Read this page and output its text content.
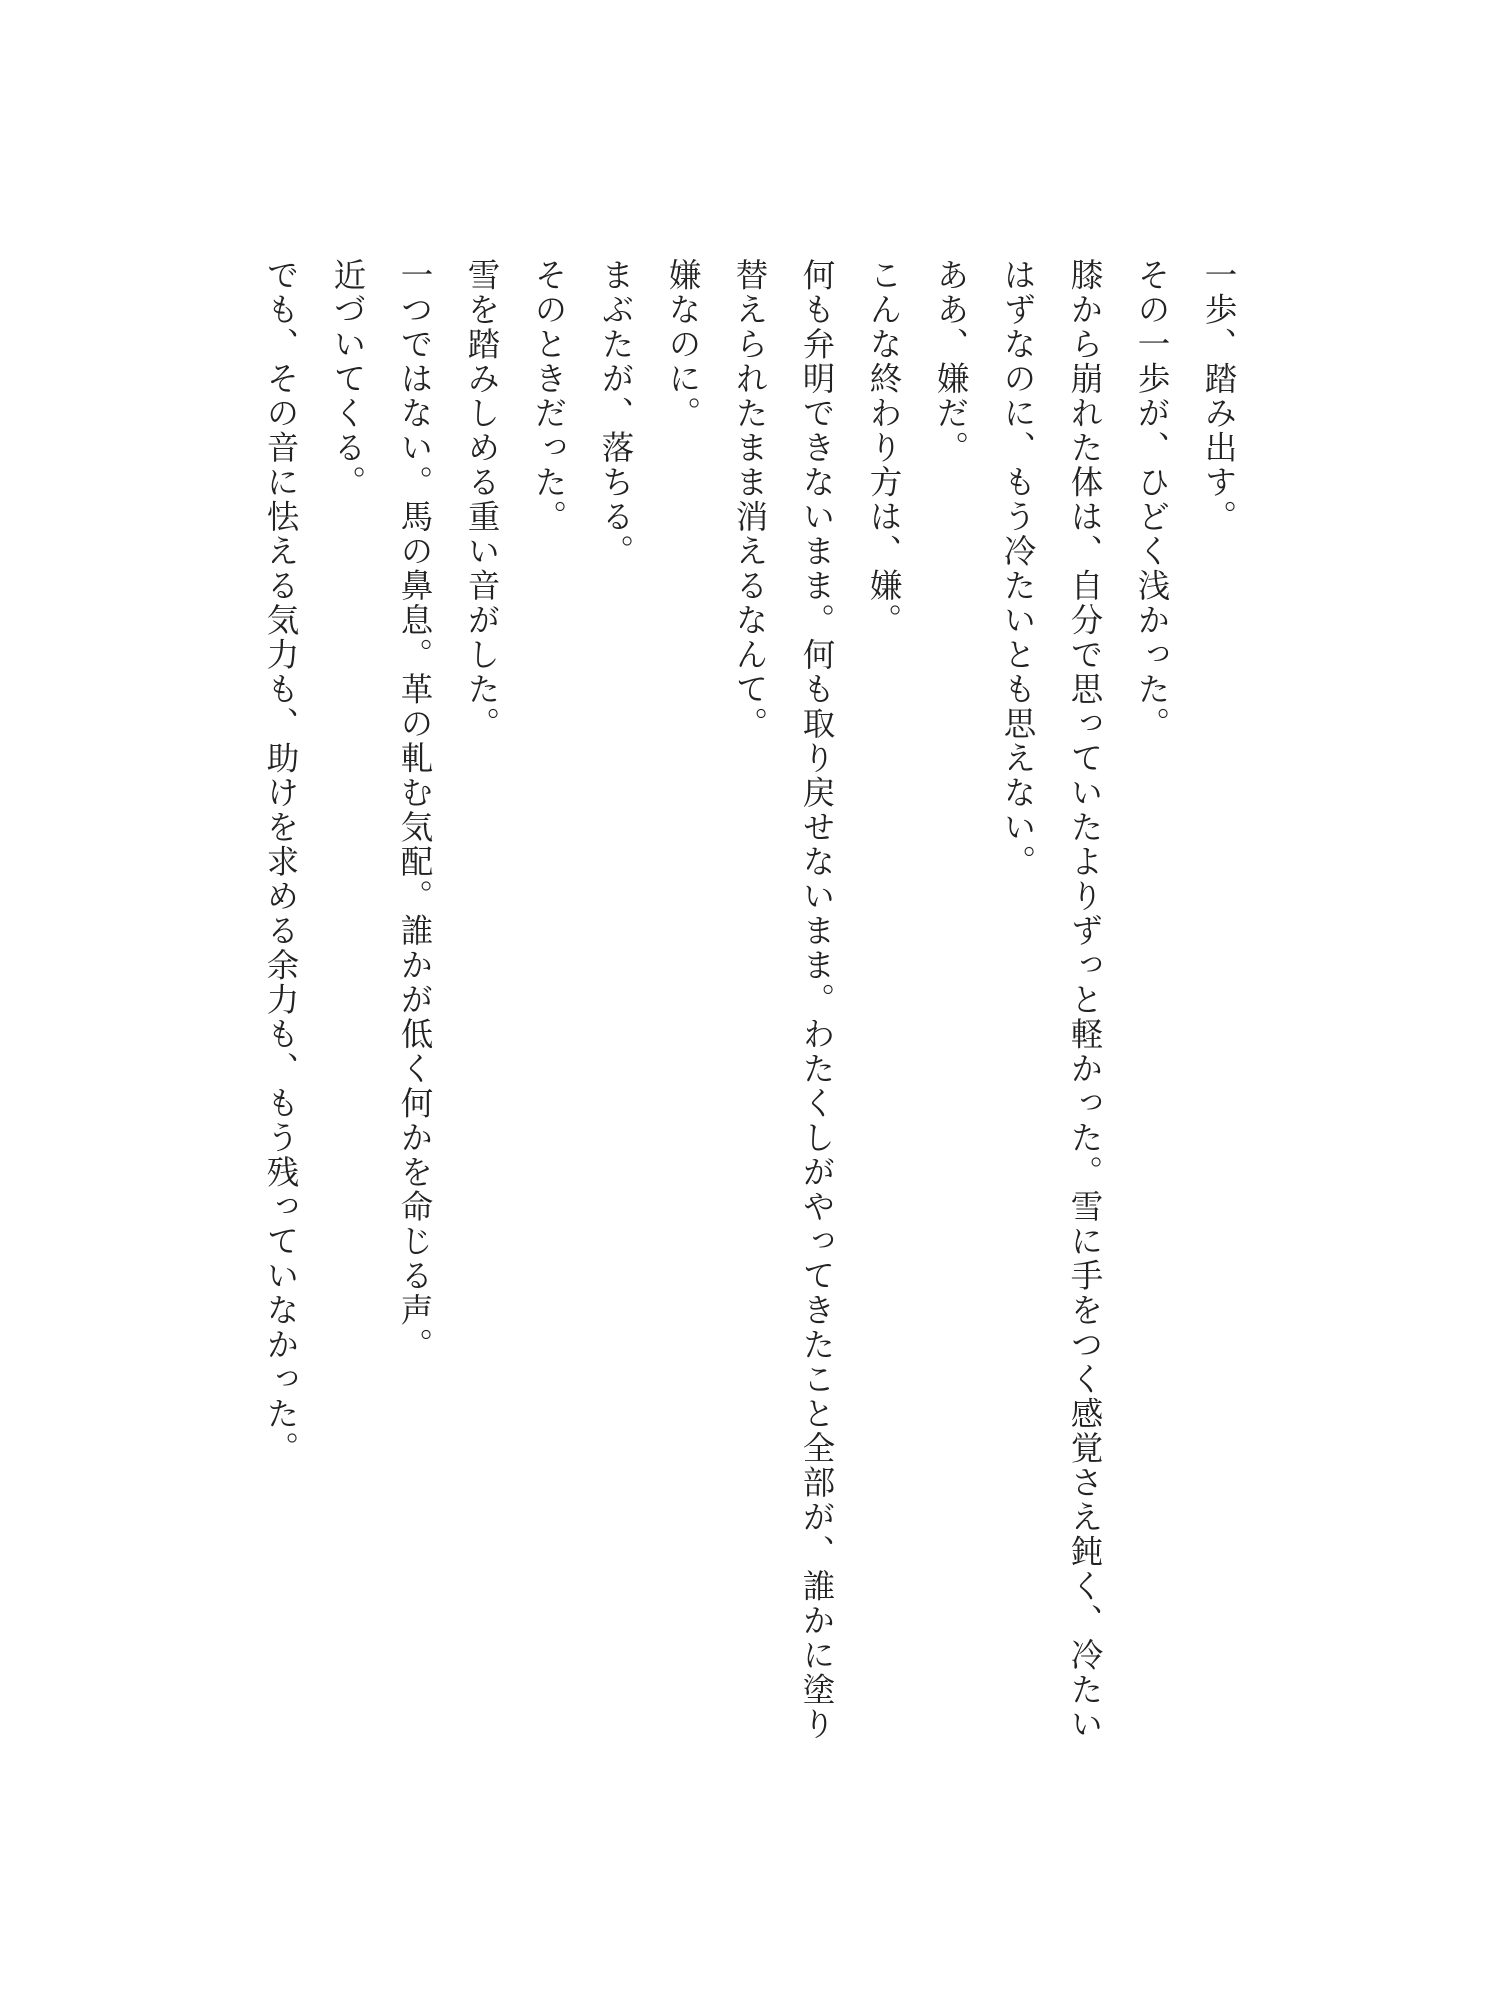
一歩、踏み出す。

その一歩が、ひどく浅かった。

膝から崩れた体は、自分で思っていたよりずっと軽かった。雪に手をつく感覚さえ鈍く、冷たいはずなのに、もう冷たいとも思えない。

ああ、嫌だ。

こんな終わり方は、嫌。

何も弁明できないまま。何も取り戻せないまま。わたくしがやってきたこと全部が、誰かに塗り替えられたまま消えるなんて。

嫌なのに。

まぶたが、落ちる。

そのときだった。

雪を踏みしめる重い音がした。

一つではない。馬の鼻息。革の軋む気配。誰かが低く何かを命じる声。

近づいてくる。

でも、その音に怯える気力も、助けを求める余力も、もう残っていなかった。
